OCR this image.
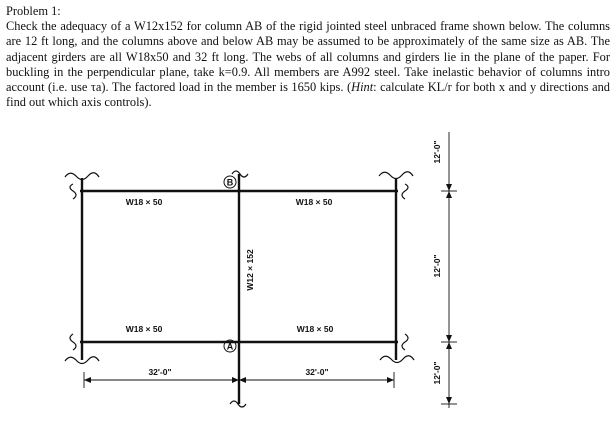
Problem 1:

Check the adequacy of a W12x152 for column AB of the rigid jointed steel unbraced frame shown below. The columns are 12 ft long, and the columns above and below AB may be assumed to be approximately of the same size as AB. The adjacent girders are all W18x50 and 32 ft long. The webs of all columns and girders lie in the plane of the paper. For buckling in the perpendicular plane, take k=0.9. All members are A992 steel. Take inelastic behavior of columns intro account (i.e. use τa). The factored load in the member is 1650 kips. (Hint: calculate KL/r for both x and y directions and find out which axis controls).

B
A
W18 × 50	W18 × 50
W18 × 50	W18 × 50
W12 × 152
32'-0"	32'-0"
12'-0"
12'-0"
12'-0"
